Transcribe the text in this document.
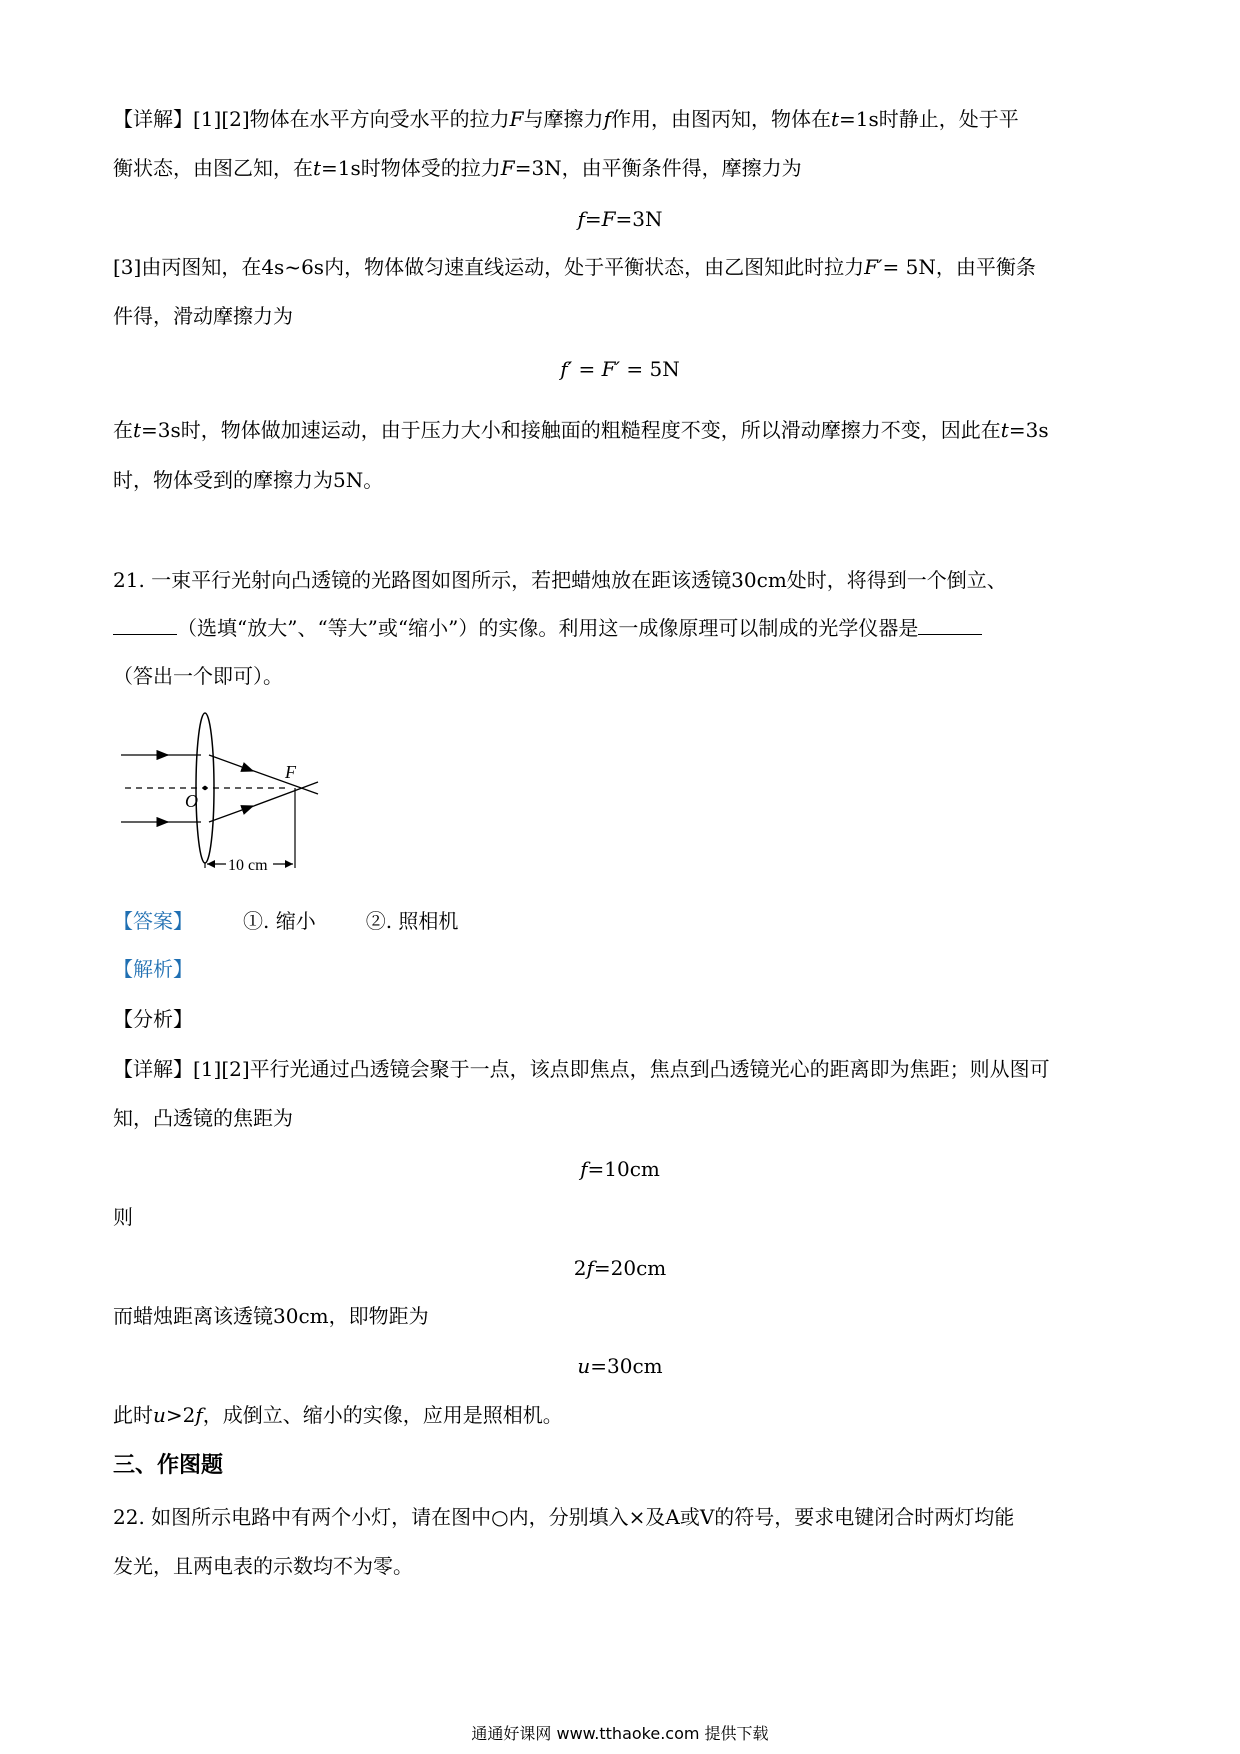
【详解】[1][2]物体在水平方向受水平的拉力F与摩擦力f作用，由图丙知，物体在t=1s时静止，处于平
衡状态，由图乙知，在t=1s时物体受的拉力F=3N，由平衡条件得，摩擦力为
f=F=3N
[3]由丙图知，在4s~6s内，物体做匀速直线运动，处于平衡状态，由乙图知此时拉力F′= 5N，由平衡条
件得，滑动摩擦力为
f′ = F′ = 5N
在t=3s时，物体做加速运动，由于压力大小和接触面的粗糙程度不变，所以滑动摩擦力不变，因此在t=3s
时，物体受到的摩擦力为5N。
21. 一束平行光射向凸透镜的光路图如图所示，若把蜡烛放在距该透镜30cm处时，将得到一个倒立、
（选填“放大”、“等大”或“缩小”）的实像。利用这一成像原理可以制成的光学仪器是
（答出一个即可）。
O
F
10 cm
【答案】	①. 缩小	②. 照相机
【解析】
【分析】
【详解】[1][2]平行光通过凸透镜会聚于一点，该点即焦点，焦点到凸透镜光心的距离即为焦距；则从图可
知，凸透镜的焦距为
f=10cm
则
2f=20cm
而蜡烛距离该透镜30cm，即物距为
u=30cm
此时u>2f，成倒立、缩小的实像，应用是照相机。
三、作图题
22. 如图所示电路中有两个小灯，请在图中○内，分别填入×及A或V的符号，要求电键闭合时两灯均能
发光，且两电表的示数均不为零。
通通好课网 www.tthaoke.com 提供下载
